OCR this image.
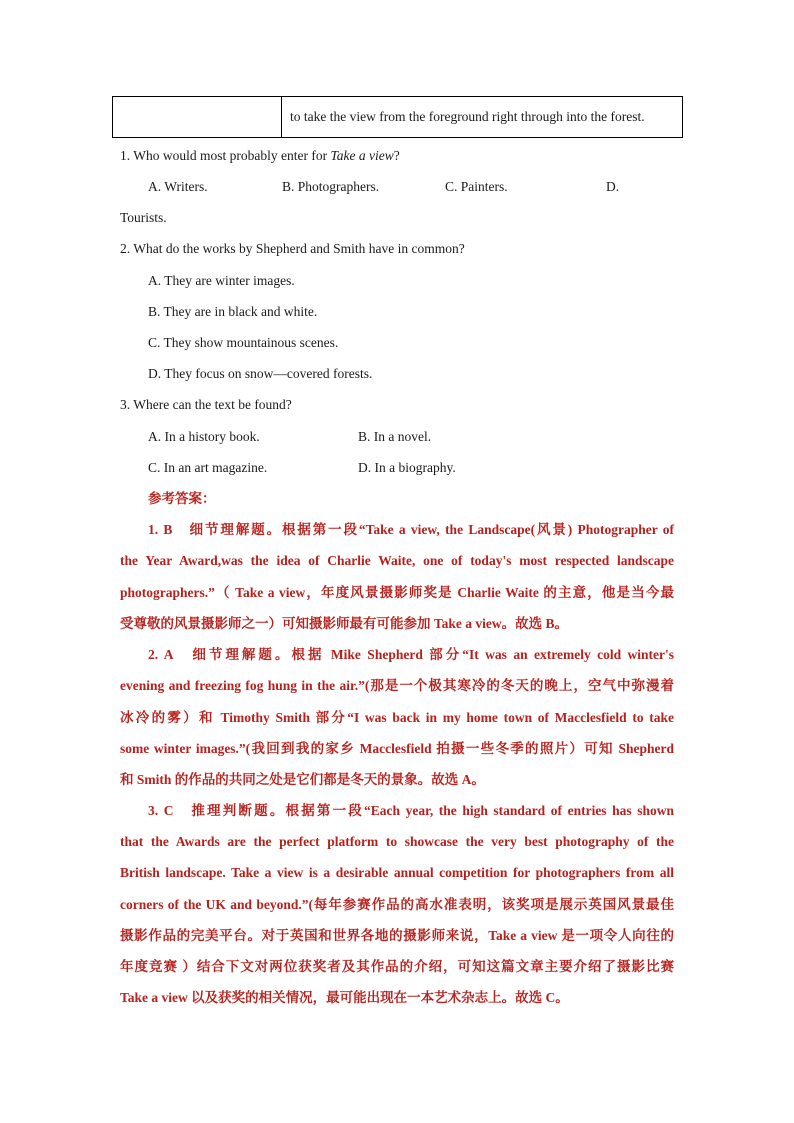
	to take the view from the foreground right through into the forest.
1. Who would most probably enter for Take a view?
A. Writers.	B. Photographers.	C. Painters.	D.
Tourists.
2. What do the works by Shepherd and Smith have in common?
A. They are winter images.
B. They are in black and white.
C. They show mountainous scenes.
D. They focus on snow—covered forests.
3. Where can the text be found?
A. In a history book.	B. In a novel.
C. In an art magazine.	D. In a biography.
参考答案：
1. B　细节理解题。根据第一段“Take a view, the Landscape(风景) Photographer of
the Year Award,was the idea of Charlie Waite, one of today's most respected landscape
photographers.”（ Take a view，年度风景摄影师奖是 Charlie Waite 的主意，他是当今最
受尊敬的风景摄影师之一）可知摄影师最有可能参加 Take a view。故选 B。
2. A　细节理解题。根据 Mike Shepherd 部分“It was an extremely cold winter's
evening and freezing fog hung in the air.”(那是一个极其寒冷的冬天的晚上，空气中弥漫着
冰冷的雾）和 Timothy Smith 部分“I was back in my home town of Macclesfield to take
some winter images.”(我回到我的家乡 Macclesfield 拍摄一些冬季的照片）可知 Shepherd
和 Smith 的作品的共同之处是它们都是冬天的景象。故选 A。
3. C　推理判断题。根据第一段“Each year, the high standard of entries has shown
that the Awards are the perfect platform to showcase the very best photography of the
British landscape. Take a view is a desirable annual competition for photographers from all
corners of the UK and beyond.”(每年参赛作品的高水准表明，该奖项是展示英国风景最佳
摄影作品的完美平台。对于英国和世界各地的摄影师来说，Take a view 是一项令人向往的
年度竞赛 ）结合下文对两位获奖者及其作品的介绍，可知这篇文章主要介绍了摄影比赛
Take a view 以及获奖的相关情况，最可能出现在一本艺术杂志上。故选 C。
